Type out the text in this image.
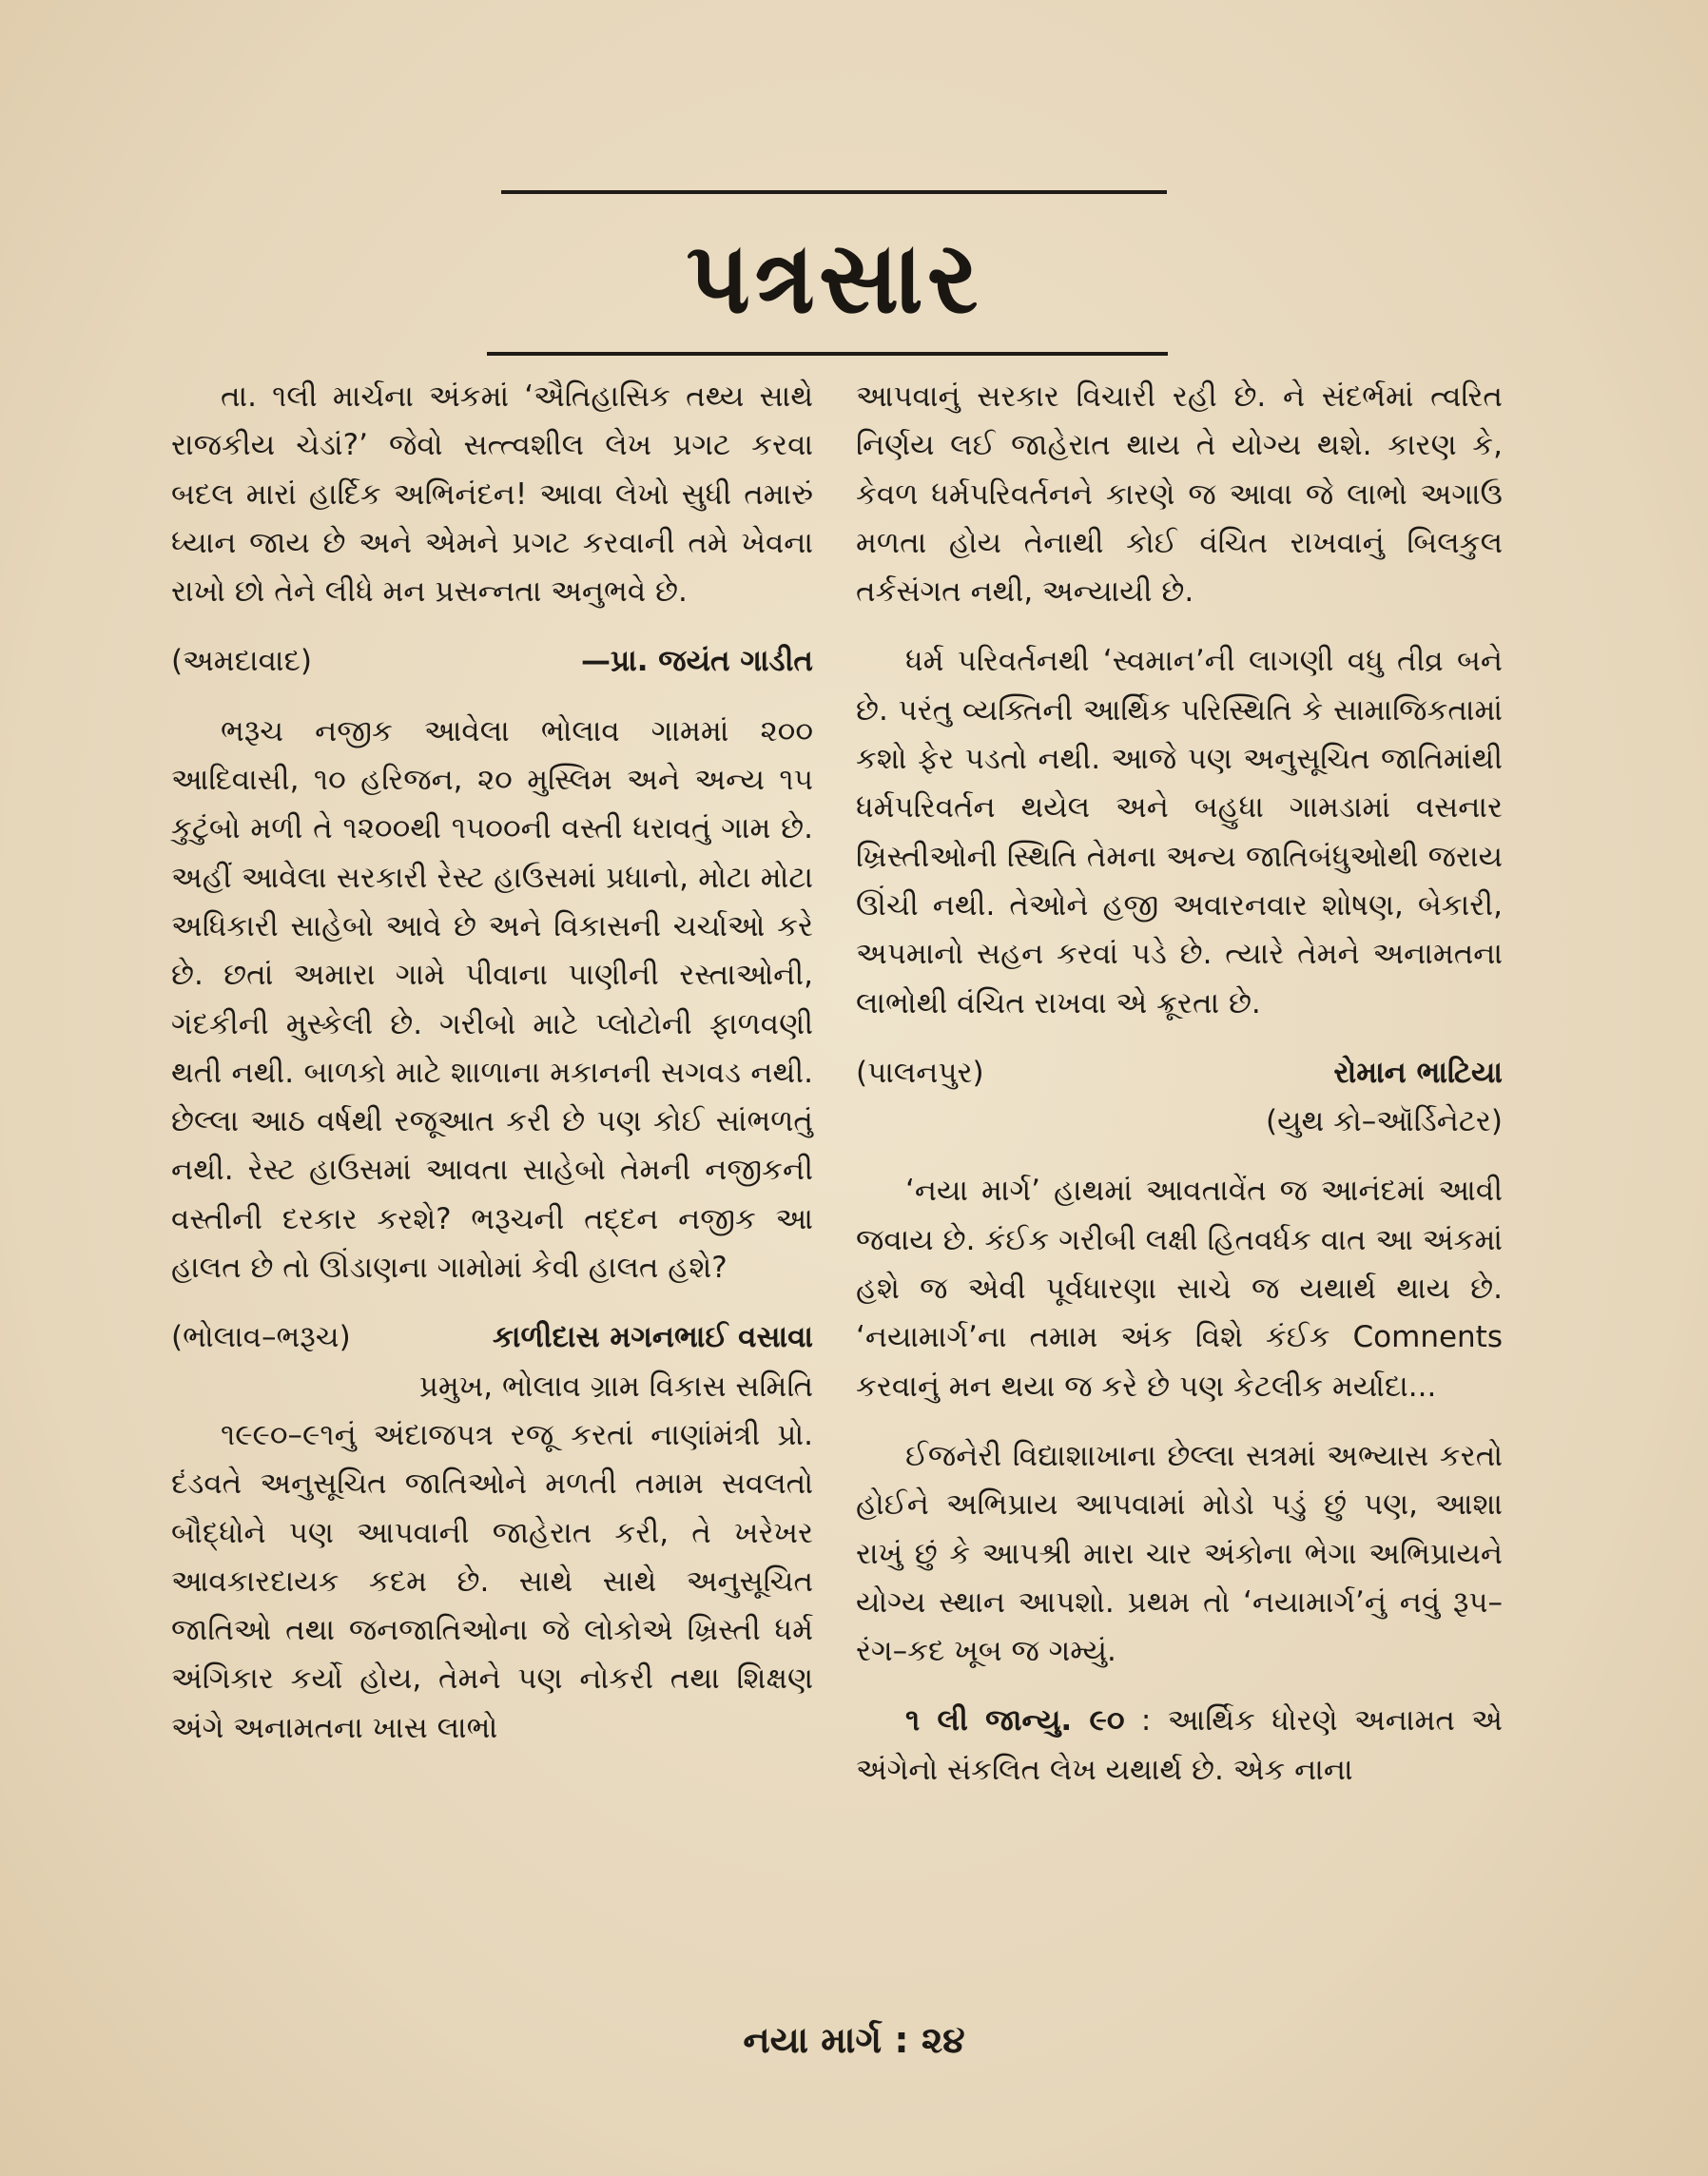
પત્રસાર

તા. ૧લી માર્ચના અંકમાં ‘ઐતિહાસિક તથ્ય સાથે રાજકીય ચેડાં?’ જેવો સત્ત્વશીલ લેખ પ્રગટ કરવા બદલ મારાં હાર્દિક અભિનંદન! આવા લેખો સુધી તમારું ધ્યાન જાય છે અને એમને પ્રગટ કરવાની તમે ખેવના રાખો છો તેને લીધે મન પ્રસન્નતા અનુભવે છે.

(અમદાવાદ)	—પ્રા. જયંત ગાડીત

ભરૂચ નજીક આવેલા ભોલાવ ગામમાં ૨૦૦ આદિવાસી, ૧૦ હરિજન, ૨૦ મુસ્લિમ અને અન્ય ૧૫ કુટુંબો મળી તે ૧૨૦૦થી ૧૫૦૦ની વસ્તી ધરાવતું ગામ છે. અહીં આવેલા સરકારી રેસ્ટ હાઉસમાં પ્રધાનો, મોટા મોટા અધિકારી સાહેબો આવે છે અને વિકાસની ચર્ચાઓ કરે છે. છતાં અમારા ગામે પીવાના પાણીની રસ્તાઓની, ગંદકીની મુસ્કેલી છે. ગરીબો માટે પ્લોટોની ફાળવણી થતી નથી. બાળકો માટે શાળાના મકાનની સગવડ નથી. છેલ્લા આઠ વર્ષથી રજૂઆત કરી છે પણ કોઈ સાંભળતું નથી. રેસ્ટ હાઉસમાં આવતા સાહેબો તેમની નજીકની વસ્તીની દરકાર કરશે? ભરૂચની તદ્દન નજીક આ હાલત છે તો ઊંડાણના ગામોમાં કેવી હાલત હશે?

(ભોલાવ–ભરૂચ)	કાળીદાસ મગનભાઈ વસાવા
પ્રમુખ, ભોલાવ ગ્રામ વિકાસ સમિતિ

૧૯૯૦–૯૧નું અંદાજપત્ર રજૂ કરતાં નાણાંમંત્રી પ્રો. દંડવતે અનુસૂચિત જાતિઓને મળતી તમામ સવલતો બૌદ્ધોને પણ આપવાની જાહેરાત કરી, તે ખરેખર આવકારદાયક કદમ છે. સાથે સાથે અનુસૂચિત જાતિઓ તથા જનજાતિઓના જે લોકોએ ખ્રિસ્તી ધર્મ અંગિકાર કર્યો હોય, તેમને પણ નોકરી તથા શિક્ષણ અંગે અનામતના ખાસ લાભો

આપવાનું સરકાર વિચારી રહી છે. ને સંદર્ભમાં ત્વરિત નિર્ણય લઈ જાહેરાત થાય તે યોગ્ય થશે. કારણ કે, કેવળ ધર્મપરિવર્તનને કારણે જ આવા જે લાભો અગાઉ મળતા હોય તેનાથી કોઈ વંચિત રાખવાનું બિલકુલ તર્કસંગત નથી, અન્યાયી છે.

ધર્મ પરિવર્તનથી ‘સ્વમાન’ની લાગણી વધુ તીવ્ર બને છે. પરંતુ વ્યક્તિની આર્થિક પરિસ્થિતિ કે સામાજિકતામાં કશો ફેર પડતો નથી. આજે પણ અનુસૂચિત જાતિમાંથી ધર્મપરિવર્તન થયેલ અને બહુધા ગામડામાં વસનાર ખ્રિસ્તીઓની સ્થિતિ તેમના અન્ય જાતિબંધુઓથી જરાય ઊંચી નથી. તેઓને હજી અવારનવાર શોષણ, બેકારી, અપમાનો સહન કરવાં પડે છે. ત્યારે તેમને અનામતના લાભોથી વંચિત રાખવા એ ક્રૂરતા છે.

(પાલનપુર)	રોમાન ભાટિયા
(યુથ કો–ઑર્ડિનેટર)

‘નયા માર્ગ’ હાથમાં આવતાવેંત જ આનંદમાં આવી જવાય છે. કંઈક ગરીબી લક્ષી હિતવર્ધક વાત આ અંકમાં હશે જ એવી પૂર્વધારણા સાચે જ યથાર્થ થાય છે. ‘નયામાર્ગ’ના તમામ અંક વિશે કંઈક Comnents કરવાનું મન થયા જ કરે છે પણ કેટલીક મર્યાદા...

ઈજનેરી વિદ્યાશાખાના છેલ્લા સત્રમાં અભ્યાસ કરતો હોઈને અભિપ્રાય આપવામાં મોડો પડું છું પણ, આશા રાખું છું કે આપશ્રી મારા ચાર અંકોના ભેગા અભિપ્રાયને યોગ્ય સ્થાન આપશો. પ્રથમ તો ‘નયામાર્ગ’નું નવું રૂપ–રંગ–કદ ખૂબ જ ગમ્યું.

૧ લી જાન્યુ. ૯૦ : આર્થિક ધોરણે અનામત એ અંગેનો સંકલિત લેખ યથાર્થ છે. એક નાના

નયા માર્ગ : ૨૪
